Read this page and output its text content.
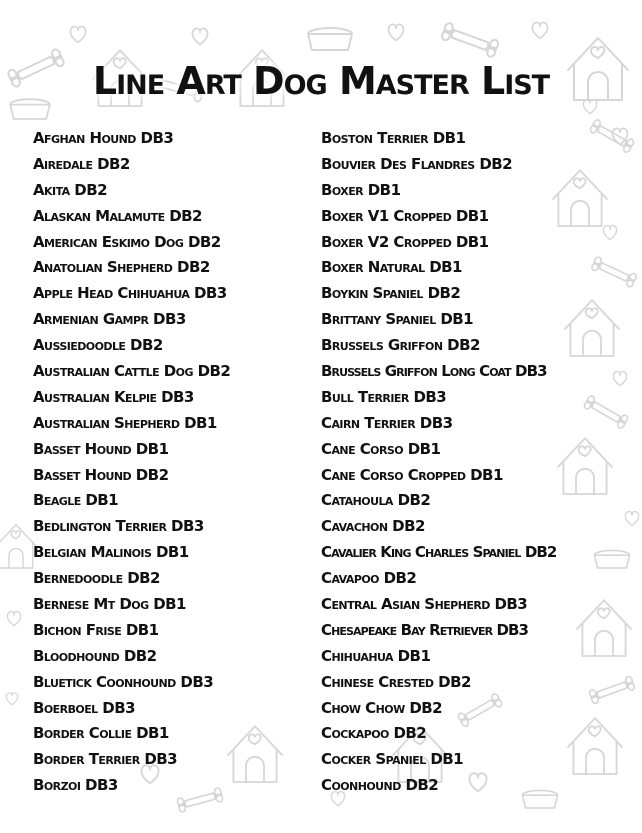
Line Art Dog Master List
Afghan Hound DB3
Airedale DB2
Akita DB2
Alaskan Malamute DB2
American Eskimo Dog DB2
Anatolian Shepherd DB2
Apple Head Chihuahua DB3
Armenian Gampr DB3
Aussiedoodle DB2
Australian Cattle Dog DB2
Australian Kelpie DB3
Australian Shepherd DB1
Basset Hound DB1
Basset Hound DB2
Beagle DB1
Bedlington Terrier DB3
Belgian Malinois DB1
Bernedoodle DB2
Bernese Mt Dog DB1
Bichon Frise DB1
Bloodhound DB2
Bluetick Coonhound DB3
Boerboel DB3
Border Collie DB1
Border Terrier DB3
Borzoi DB3
Boston Terrier DB1
Bouvier Des Flandres DB2
Boxer DB1
Boxer V1 Cropped DB1
Boxer V2 Cropped DB1
Boxer Natural DB1
Boykin Spaniel DB2
Brittany Spaniel DB1
Brussels Griffon DB2
Brussels Griffon Long Coat DB3
Bull Terrier DB3
Cairn Terrier DB3
Cane Corso DB1
Cane Corso Cropped DB1
Catahoula DB2
Cavachon DB2
Cavalier King Charles Spaniel DB2
Cavapoo DB2
Central Asian Shepherd DB3
Chesapeake Bay Retriever DB3
Chihuahua DB1
Chinese Crested DB2
Chow Chow DB2
Cockapoo DB2
Cocker Spaniel DB1
Coonhound DB2
